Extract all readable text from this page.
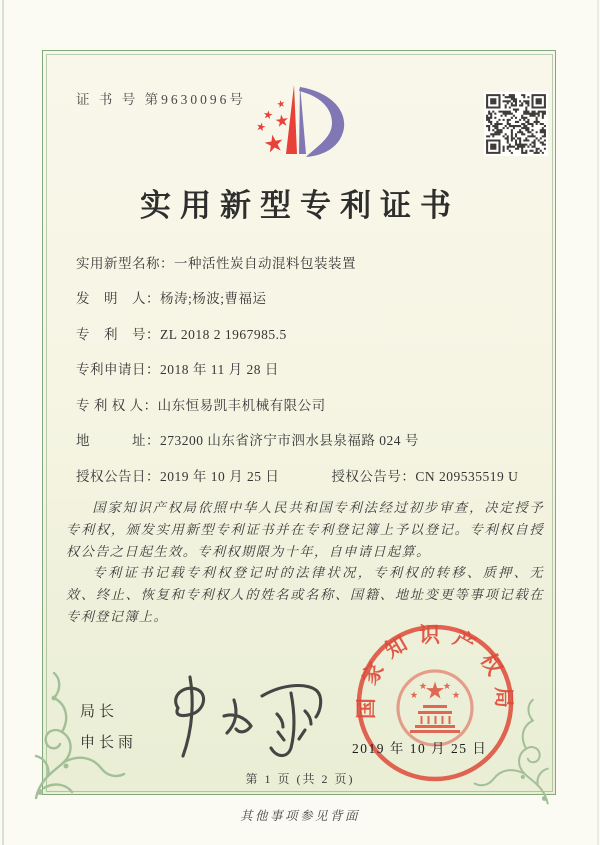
证 书 号 第9630096号
实用新型专利证书
实用新型名称： 一种活性炭自动混料包装装置
发　明　人： 杨涛;杨波;曹福运
专　利　号： ZL 2018 2 1967985.5
专利申请日： 2018 年 11 月 28 日
专 利 权 人： 山东恒易凯丰机械有限公司
地　　　址： 273200 山东省济宁市泗水县泉福路 024 号
授权公告日： 2019 年 10 月 25 日	授权公告号： CN 209535519 U

国家知识产权局依照中华人民共和国专利法经过初步审查，决定授予专利权，颁发实用新型专利证书并在专利登记簿上予以登记。专利权自授权公告之日起生效。专利权期限为十年，自申请日起算。

专利证书记载专利权登记时的法律状况，专利权的转移、质押、无效、终止、恢复和专利权人的姓名或名称、国籍、地址变更等事项记载在专利登记簿上。

局长
申长雨
国家知识产权局
2019 年 10 月 25 日
第 1 页 (共 2 页)
其他事项参见背面
